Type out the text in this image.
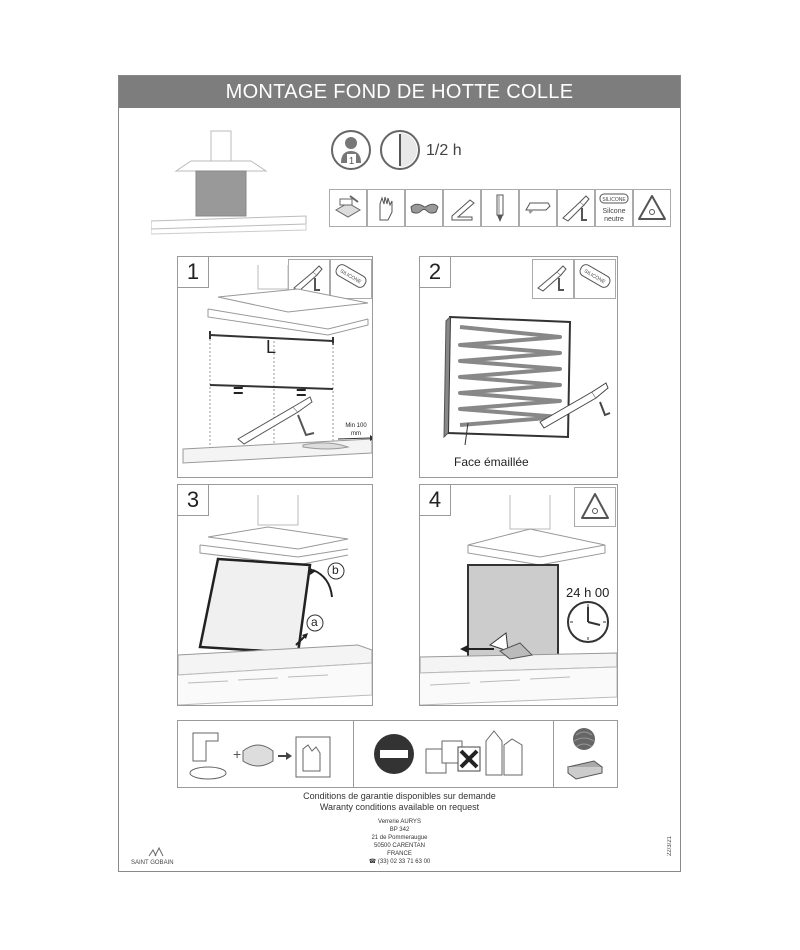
MONTAGE FOND DE HOTTE COLLE
1
1/2 h
SILICONE
Silcone
neutre
1	SILICONE
L
=	=
Min 100 mm
2	SILICONE
Face émaillée
3
b
a
4
24 h 00
+
Conditions de garantie disponibles sur demande
Waranty conditions available on request
Verrerie AURYS
BP 342
21 de Pommeraugue
50500 CARENTAN
FRANCE
☎ (33) 02 33 71 63 00
SAINT GOBAIN
22/3/21
